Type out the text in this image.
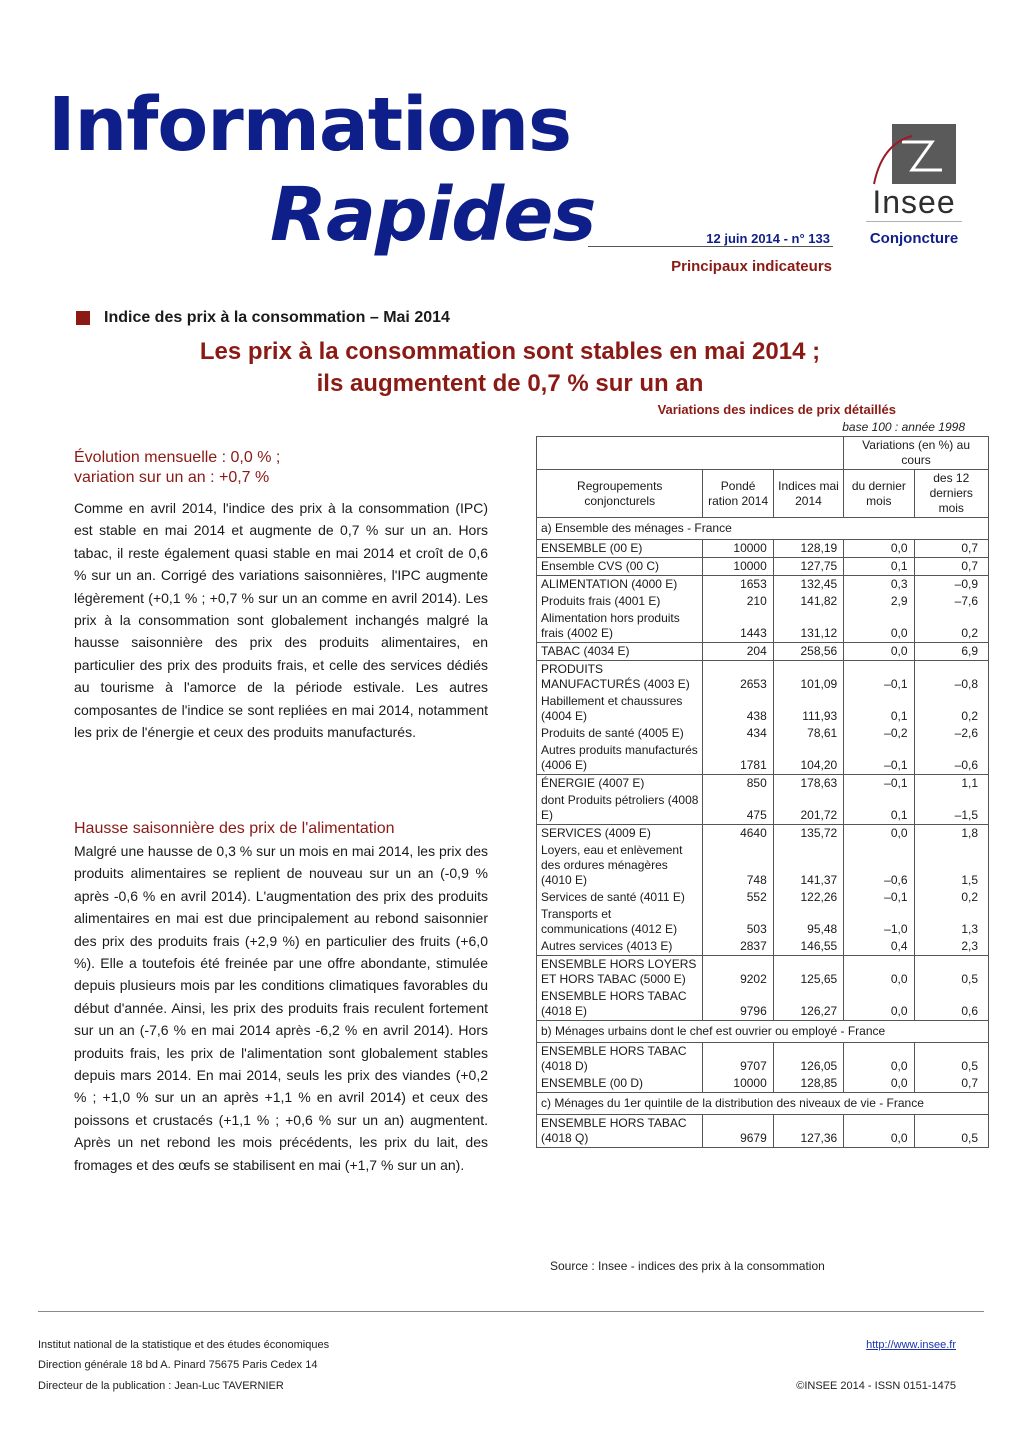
Informations
Rapides	12 juin 2014 - n° 133
Principaux indicateurs
Insee
Conjoncture
Indice des prix à la consommation – Mai 2014
Les prix à la consommation sont stables en mai 2014 ;
ils augmentent de 0,7 % sur un an
Évolution mensuelle : 0,0 % ;
variation sur un an : +0,7 %
Comme en avril 2014, l'indice des prix à la consommation (IPC) est stable en mai 2014 et augmente de 0,7 % sur un an. Hors tabac, il reste également quasi stable en mai 2014 et croît de 0,6 % sur un an. Corrigé des variations saisonnières, l'IPC augmente légèrement (+0,1 % ; +0,7 % sur un an comme en avril 2014). Les prix à la consommation sont globalement inchangés malgré la hausse saisonnière des prix des produits alimentaires, en particulier des prix des produits frais, et celle des services dédiés au tourisme à l'amorce de la période estivale. Les autres composantes de l'indice se sont repliées en mai 2014, notamment les prix de l'énergie et ceux des produits manufacturés.
Hausse saisonnière des prix de l'alimentation
Malgré une hausse de 0,3 % sur un mois en mai 2014, les prix des produits alimentaires se replient de nouveau sur un an (-0,9 % après -0,6 % en avril 2014). L'augmentation des prix des produits alimentaires en mai est due principalement au rebond saisonnier des prix des produits frais (+2,9 %) en particulier des fruits (+6,0 %). Elle a toutefois été freinée par une offre abondante, stimulée depuis plusieurs mois par les conditions climatiques favorables du début d'année. Ainsi, les prix des produits frais reculent fortement sur un an (-7,6 % en mai 2014 après -6,2 % en avril 2014). Hors produits frais, les prix de l'alimentation sont globalement stables depuis mars 2014. En mai 2014, seuls les prix des viandes (+0,2 % ; +1,0 % sur un an après +1,1 % en avril 2014) et ceux des poissons et crustacés (+1,1 % ; +0,6 % sur un an) augmentent. Après un net rebond les mois précédents, les prix du lait, des fromages et des œufs se stabilisent en mai (+1,7 % sur un an).
Variations des indices de prix détaillés
base 100 : année 1998
			Variations (en %) au cours	
Regroupements conjoncturels	Pondé ration 2014	Indices mai 2014	du dernier mois	des 12 derniers mois
a) Ensemble des ménages - France				
ENSEMBLE (00 E)	10000	128,19	0,0	0,7
Ensemble CVS (00 C)	10000	127,75	0,1	0,7
ALIMENTATION (4000 E)	1653	132,45	0,3	–0,9
Produits frais (4001 E)	210	141,82	2,9	–7,6
Alimentation hors produits frais (4002 E)	1443	131,12	0,0	0,2
TABAC (4034 E)	204	258,56	0,0	6,9
PRODUITS MANUFACTURÉS (4003 E)	2653	101,09	–0,1	–0,8
Habillement et chaussures (4004 E)	438	111,93	0,1	0,2
Produits de santé (4005 E)	434	78,61	–0,2	–2,6
Autres produits manufacturés (4006 E)	1781	104,20	–0,1	–0,6
ÉNERGIE (4007 E)	850	178,63	–0,1	1,1
dont Produits pétroliers (4008 E)	475	201,72	0,1	–1,5
SERVICES (4009 E)	4640	135,72	0,0	1,8
Loyers, eau et enlèvement des ordures ménagères (4010 E)	748	141,37	–0,6	1,5
Services de santé (4011 E)	552	122,26	–0,1	0,2
Transports et communications (4012 E)	503	95,48	–1,0	1,3
Autres services (4013 E)	2837	146,55	0,4	2,3
ENSEMBLE HORS LOYERS ET HORS TABAC (5000 E)	9202	125,65	0,0	0,5
ENSEMBLE HORS TABAC (4018 E)	9796	126,27	0,0	0,6
b) Ménages urbains dont le chef est ouvrier ou employé - France				
ENSEMBLE HORS TABAC (4018 D)	9707	126,05	0,0	0,5
ENSEMBLE (00 D)	10000	128,85	0,0	0,7
c) Ménages du 1er quintile de la distribution des niveaux de vie - France				
ENSEMBLE HORS TABAC (4018 Q)	9679	127,36	0,0	0,5
Source : Insee - indices des prix à la consommation
Institut national de la statistique et des études économiques
Direction générale 18 bd A. Pinard 75675 Paris Cedex 14
Directeur de la publication : Jean-Luc TAVERNIER
http://www.insee.fr
©INSEE 2014 - ISSN 0151-1475
